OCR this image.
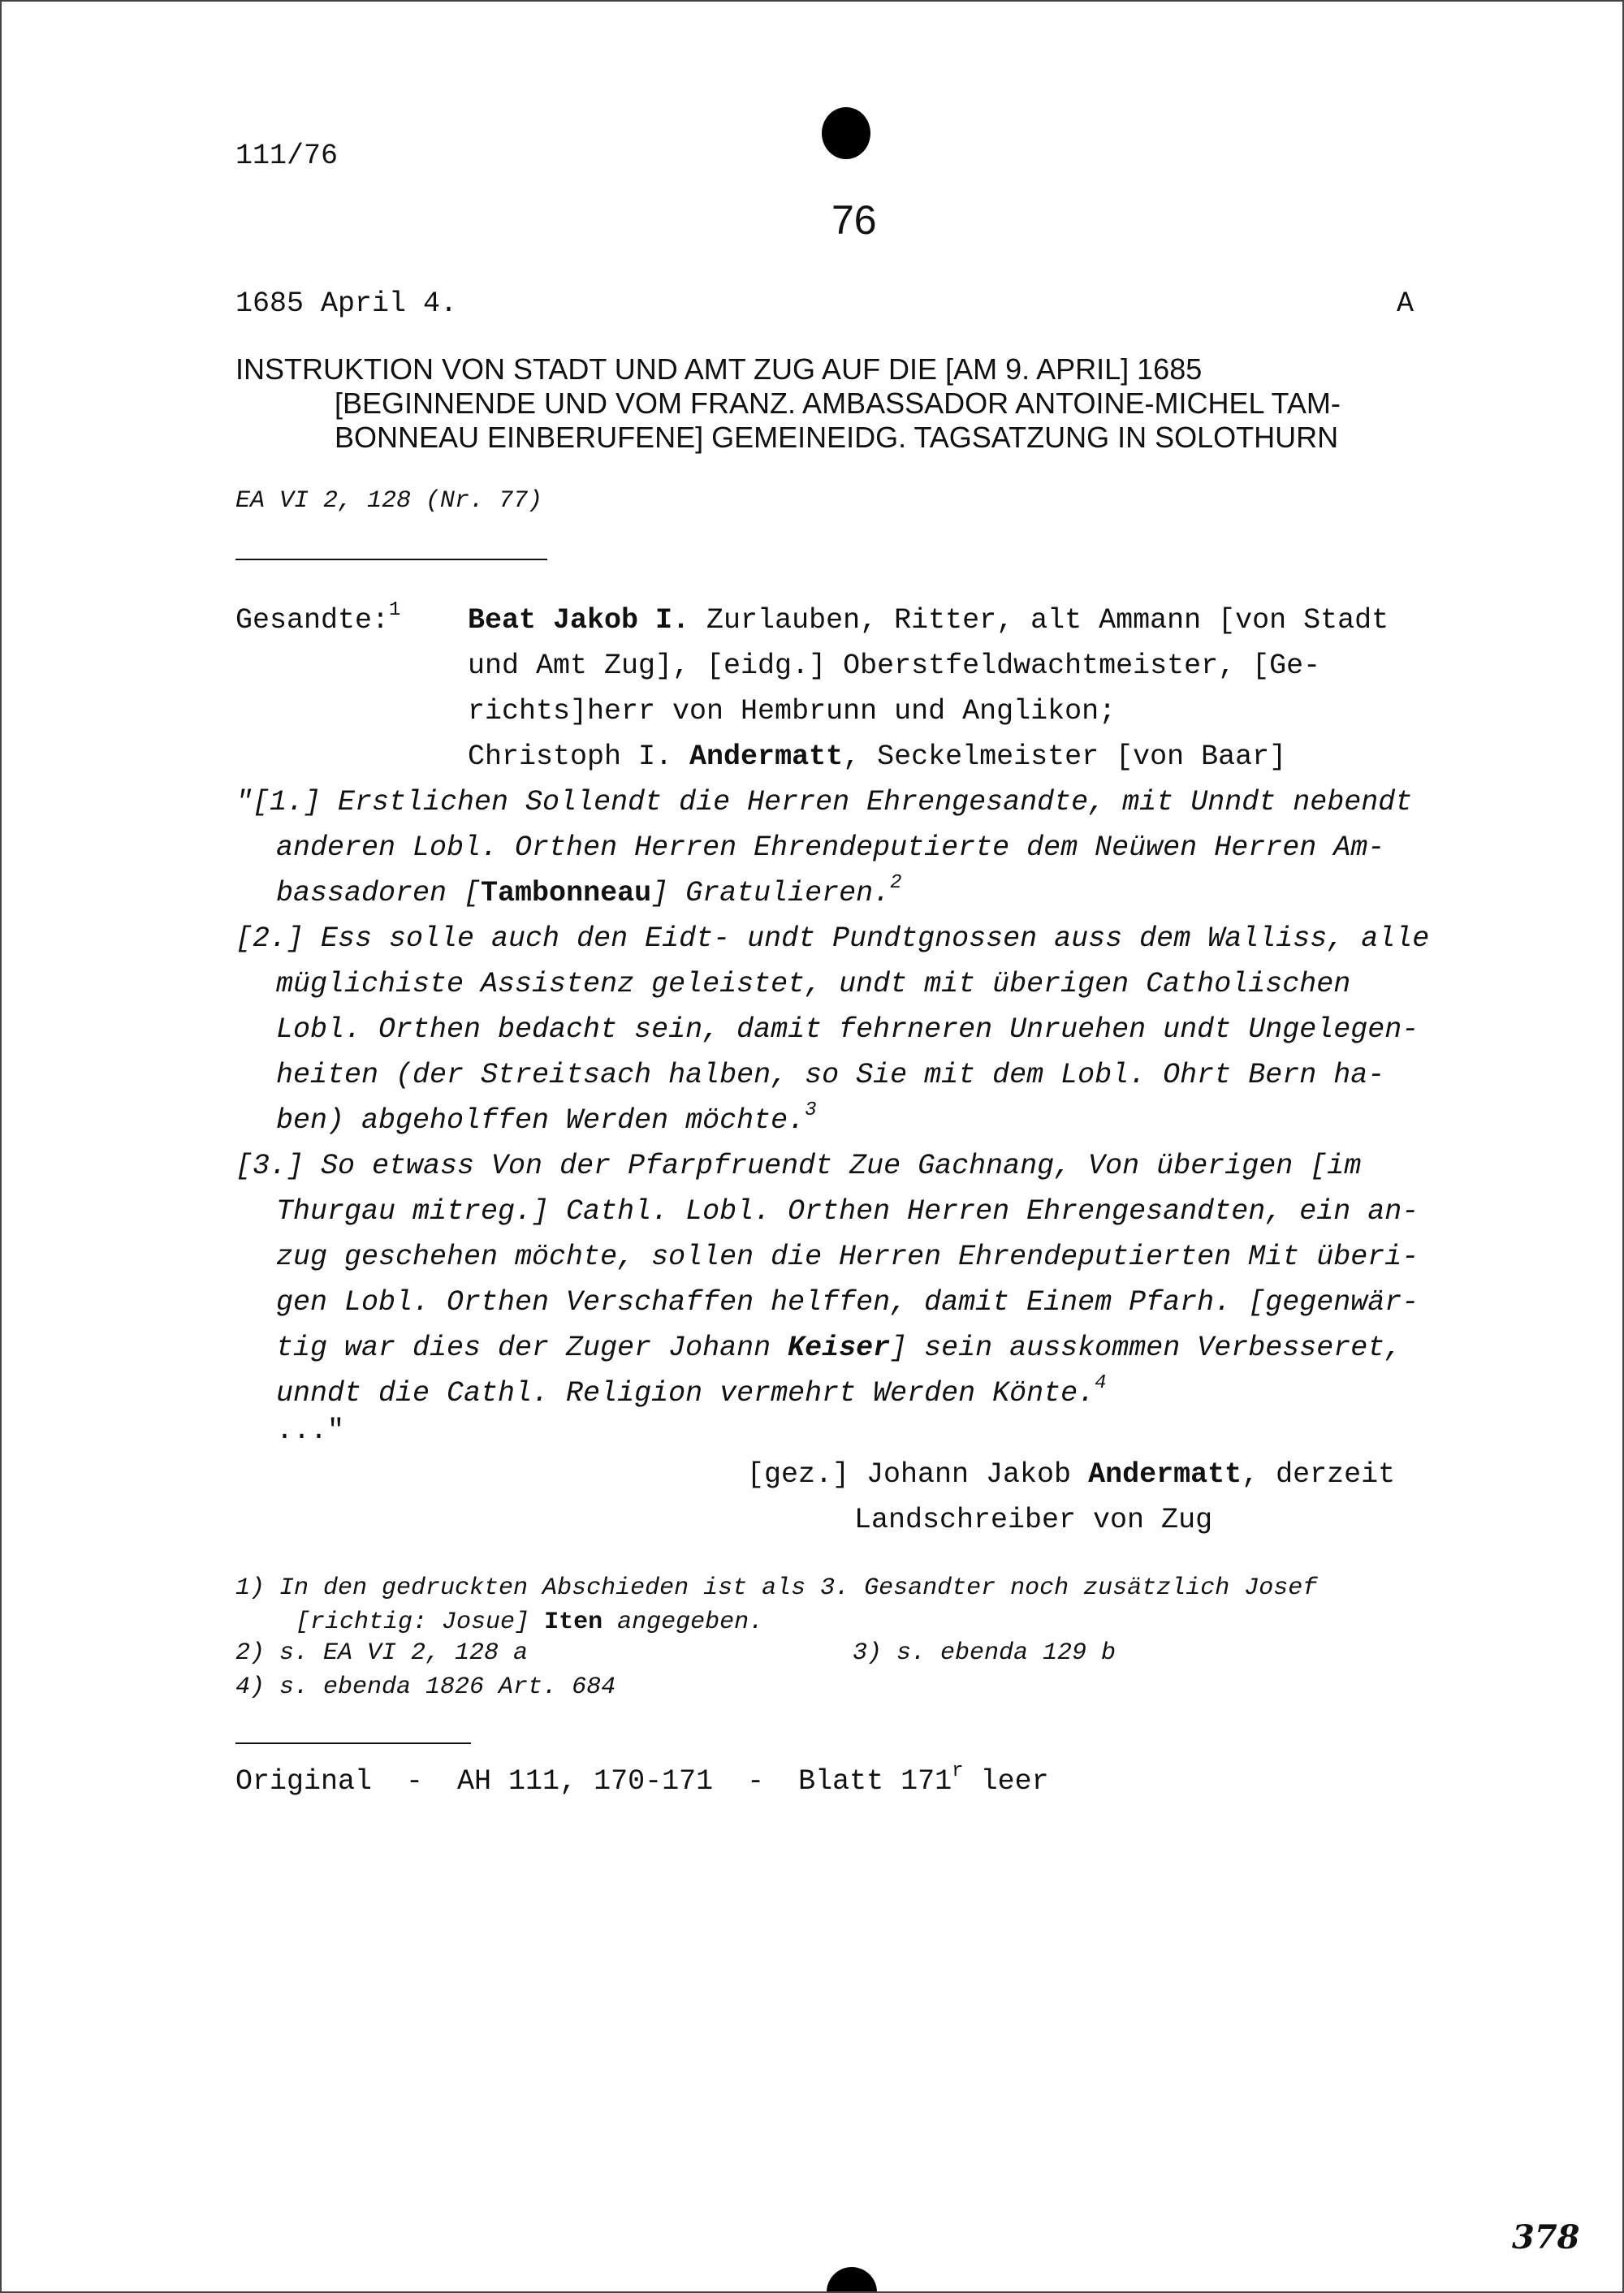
111/76
76
1685 April 4.	A
INSTRUKTION VON STADT UND AMT ZUG AUF DIE [AM 9. APRIL] 1685
[BEGINNENDE UND VOM FRANZ. AMBASSADOR ANTOINE-MICHEL TAM-
BONNEAU EINBERUFENE] GEMEINEIDG. TAGSATZUNG IN SOLOTHURN
EA VI 2, 128 (Nr. 77)
Gesandte:$^1$ Beat Jakob I. Zurlauben, Ritter, alt Ammann [von Stadt
und Amt Zug], [eidg.] Oberstfeldwachtmeister, [Ge-
richts]herr von Hembrunn und Anglikon;
Christoph I. Andermatt, Seckelmeister [von Baar]
"[1.] Erstlichen Sollendt die Herren Ehrengesandte, mit Unndt nebendt
anderen Lobl. Orthen Herren Ehrendeputierte dem Neüwen Herren Am-
bassadoren [Tambonneau] Gratulieren.$^2$
[2.] Ess solle auch den Eidt- undt Pundtgnossen auss dem Walliss, alle
müglichiste Assistenz geleistet, undt mit überigen Catholischen
Lobl. Orthen bedacht sein, damit fehrneren Unruehen undt Ungelegen-
heiten (der Streitsach halben, so Sie mit dem Lobl. Ohrt Bern ha-
ben) abgeholffen Werden möchte.$^3$
[3.] So etwass Von der Pfarpfruendt Zue Gachnang, Von überigen [im
Thurgau mitreg.] Cathl. Lobl. Orthen Herren Ehrengesandten, ein an-
zug geschehen möchte, sollen die Herren Ehrendeputierten Mit überi-
gen Lobl. Orthen Verschaffen helffen, damit Einem Pfarh. [gegenwär-
tig war dies der Zuger Johann Keiser] sein ausskommen Verbesseret,
unndt die Cathl. Religion vermehrt Werden Könte.$^4$
..."
[gez.] Johann Jakob Andermatt, derzeit
Landschreiber von Zug
1) In den gedruckten Abschieden ist als 3. Gesandter noch zusätzlich Josef
[richtig: Josue] Iten angegeben.
2) s. EA VI 2, 128 a	3) s. ebenda 129 b
4) s. ebenda 1826 Art. 684
Original  -  AH 111, 170-171  -  Blatt 171$^r$ leer
378
